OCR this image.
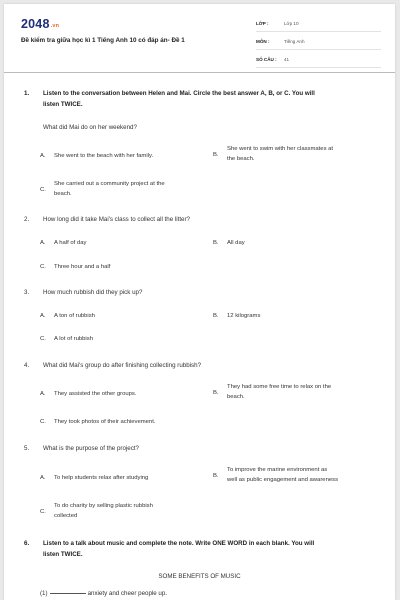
2048.vn
Đề kiểm tra giữa học kì 1 Tiếng Anh 10 có đáp án- Đề 1
LỚP :	Lớp 10
MÔN :	Tiếng Anh
SỐ CÂU : 41
1. Listen to the conversation between Helen and Mai. Circle the best answer A, B, or C. You will
listen TWICE.
What did Mai do on her weekend?
A. She went to the beach with her family.	B.
She went to swim with her classmates at
the beach.
C.
She carried out a community project at the
beach.
2. How long did it take Mai's class to collect all the litter?
A. A half of day	B. All day
C. Three hour and a half
3. How much rubbish did they pick up?
A. A ton of rubbish	B. 12 kilograms
C. A lot of rubbish
4. What did Mai's group do after finishing collecting rubbish?
A. They assisted the other groups.	B.
They had some free time to relax on the
beach.
C. They took photos of their achievement.
5. What is the purpose of the project?
A. To help students relax after studying	B.
To improve the marine environment as
well as public engagement and awareness
C.
To do charity by selling plastic rubbish
collected
6. Listen to a talk about music and complete the note. Write ONE WORD in each blank. You will
listen TWICE.
SOME BENEFITS OF MUSIC
(1)	anxiety and cheer people up.
